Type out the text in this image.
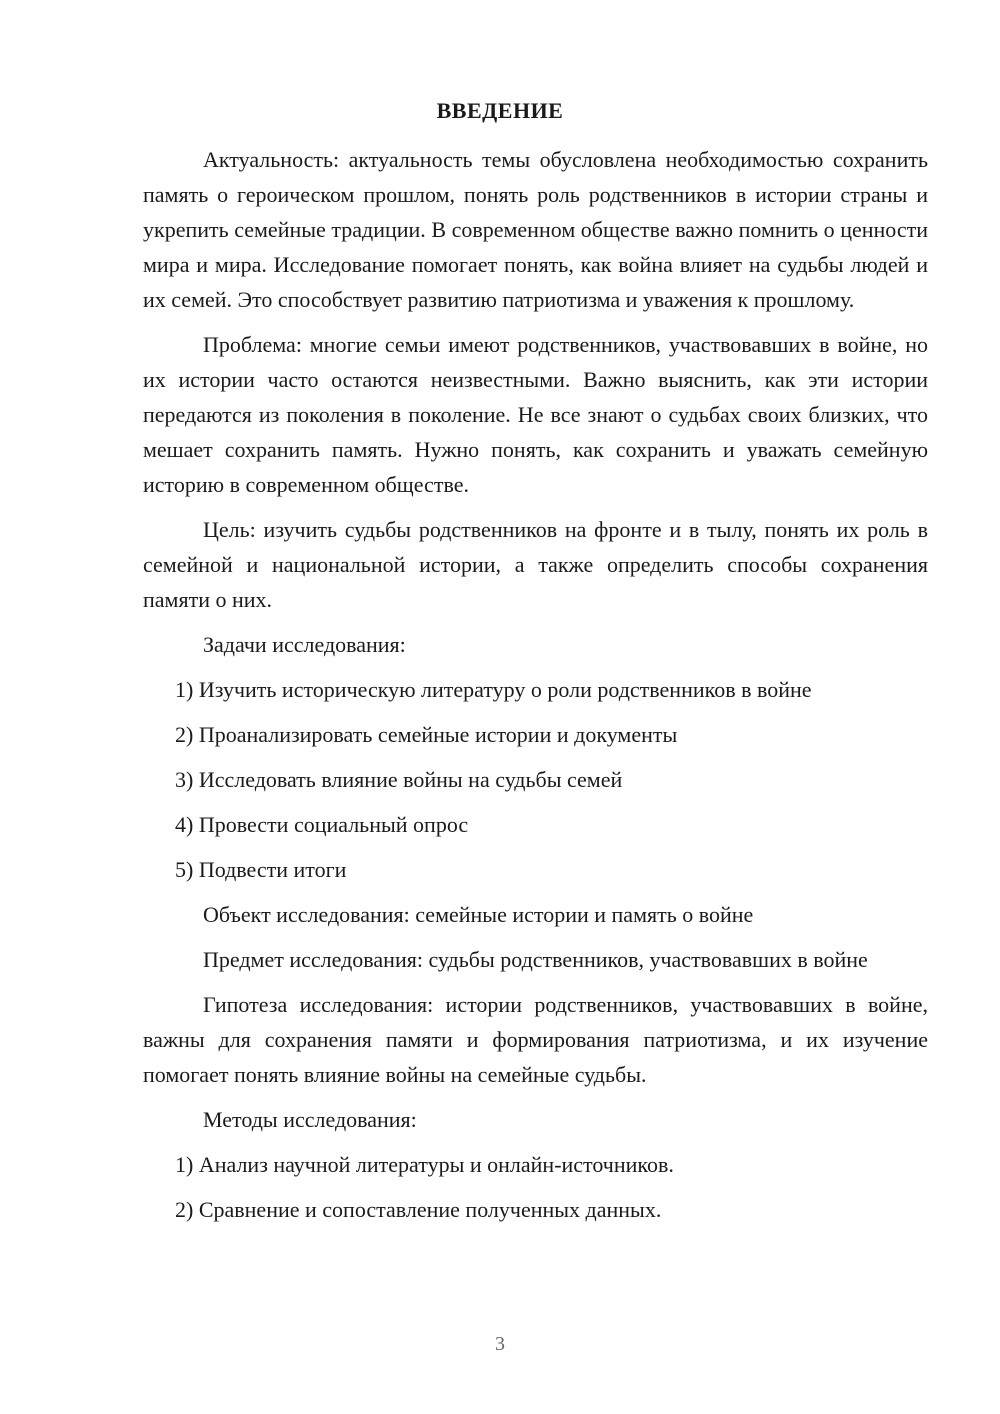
ВВЕДЕНИЕ

Актуальность: актуальность темы обусловлена необходимостью сохранить память о героическом прошлом, понять роль родственников в истории страны и укрепить семейные традиции. В современном обществе важно помнить о ценности мира и мира. Исследование помогает понять, как война влияет на судьбы людей и их семей. Это способствует развитию патриотизма и уважения к прошлому.

Проблема: многие семьи имеют родственников, участвовавших в войне, но их истории часто остаются неизвестными. Важно выяснить, как эти истории передаются из поколения в поколение. Не все знают о судьбах своих близких, что мешает сохранить память. Нужно понять, как сохранить и уважать семейную историю в современном обществе.

Цель: изучить судьбы родственников на фронте и в тылу, понять их роль в семейной и национальной истории, а также определить способы сохранения памяти о них.

Задачи исследования:

1) Изучить историческую литературу о роли родственников в войне

2) Проанализировать семейные истории и документы

3) Исследовать влияние войны на судьбы семей

4) Провести социальный опрос

5) Подвести итоги

Объект исследования: семейные истории и память о войне

Предмет исследования: судьбы родственников, участвовавших в войне

Гипотеза исследования: истории родственников, участвовавших в войне, важны для сохранения памяти и формирования патриотизма, и их изучение помогает понять влияние войны на семейные судьбы.

Методы исследования:

1) Анализ научной литературы и онлайн-источников.

2) Сравнение и сопоставление полученных данных.

3
